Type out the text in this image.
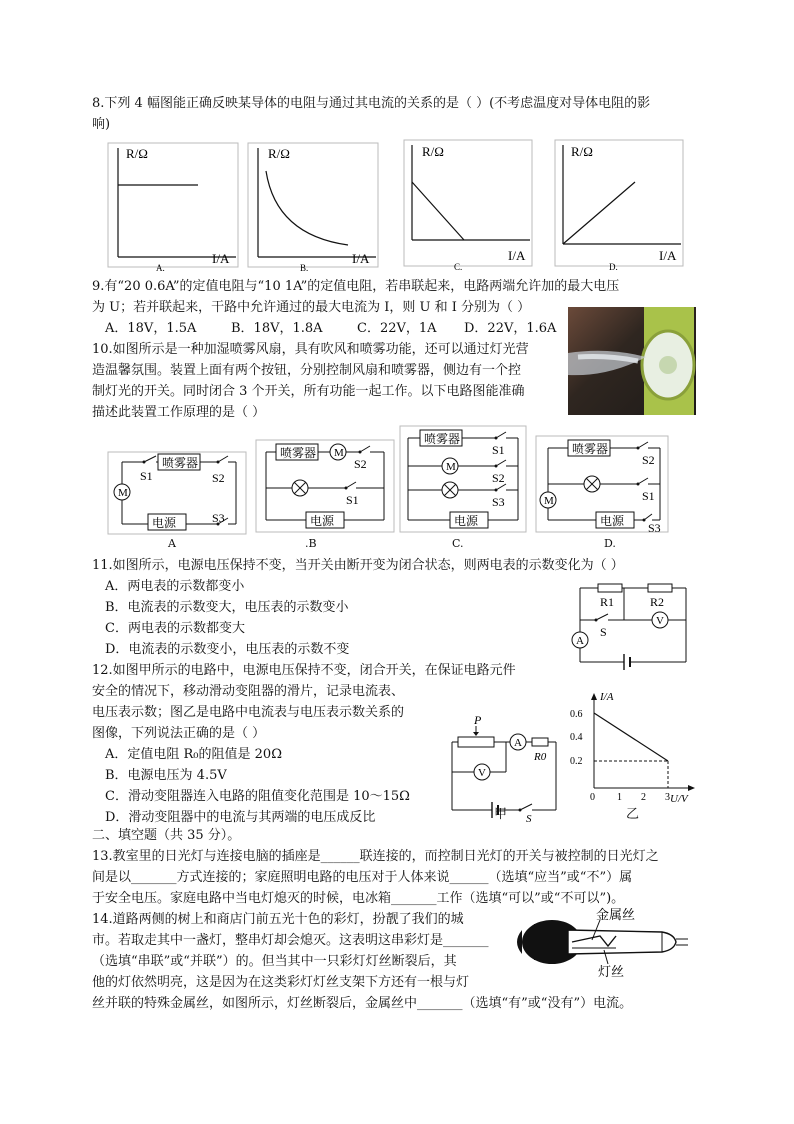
8.下列 4 幅图能正确反映某导体的电阻与通过其电流的关系的是（ ）(不考虑温度对导体电阻的影
响)
R/Ω
I/A
A.
R/Ω
I/A
B.
R/Ω
I/A
C.
R/Ω
I/A
D.
9.有“20 0.6A”的定值电阻与“10 1A”的定值电阻，若串联起来，电路两端允许加的最大电压
为 U；若并联起来，干路中允许通过的最大电流为 I，则 U 和 I 分别为（ ）
A．18V，1.5A	B．18V，1.8A	C．22V，1A D．22V，1.6A
10.如图所示是一种加湿喷雾风扇，具有吹风和喷雾功能，还可以通过灯光营
造温馨氛围。装置上面有两个按钮，分别控制风扇和喷雾器，侧边有一个控
制灯光的开关。同时闭合 3 个开关，所有功能一起工作。以下电路图能准确
描述此装置工作原理的是（ ）
喷雾器
S2
M
S1
电源	S3
A
喷雾器 M
S2
S1
电源
.B
喷雾器
S1
M
S2
S3
电源
C.
喷雾器
S2
M	S1
电源 S3
D.
11.如图所示，电源电压保持不变，当开关由断开变为闭合状态，则两电表的示数变化为（ ）
A．两电表的示数都变小
B．电流表的示数变大，电压表的示数变小
C．两电表的示数都变大
D．电流表的示数变小，电压表的示数不变
R1	R2
A
S
V
12.如图甲所示的电路中，电源电压保持不变，闭合开关，在保证电路元件
安全的情况下，移动滑动变阻器的滑片，记录电流表、
电压表示数；图乙是电路中电流表与电压表示数关系的
图像，下列说法正确的是（ ）
A．定值电阻 R₀的阻值是 20Ω
B．电源电压为 4.5V
C．滑动变阻器连入电路的阻值变化范围是 10～15Ω
D．滑动变阻器中的电流与其两端的电压成反比
P
A
R0
V
S
甲
I/A
U/V
0.6
0.4
0.2
0 1 2 3
乙
二、填空题（共 35 分）。
13.教室里的日光灯与连接电脑的插座是______联连接的，而控制日光灯的开关与被控制的日光灯之
间是以_______方式连接的；家庭照明电路的电压对于人体来说______（选填“应当”或“不”）属
于安全电压。家庭电路中当电灯熄灭的时候，电冰箱_______工作（选填“可以”或“不可以”)。
14.道路两侧的树上和商店门前五光十色的彩灯，扮靓了我们的城
市。若取走其中一盏灯，整串灯却会熄灭。这表明这串彩灯是_______
（选填“串联”或“并联”）的。但当其中一只彩灯灯丝断裂后，其
他的灯依然明亮，这是因为在这类彩灯灯丝支架下方还有一根与灯
丝并联的特殊金属丝，如图所示，灯丝断裂后，金属丝中_______（选填“有”或“没有”）电流。
金属丝
灯丝
